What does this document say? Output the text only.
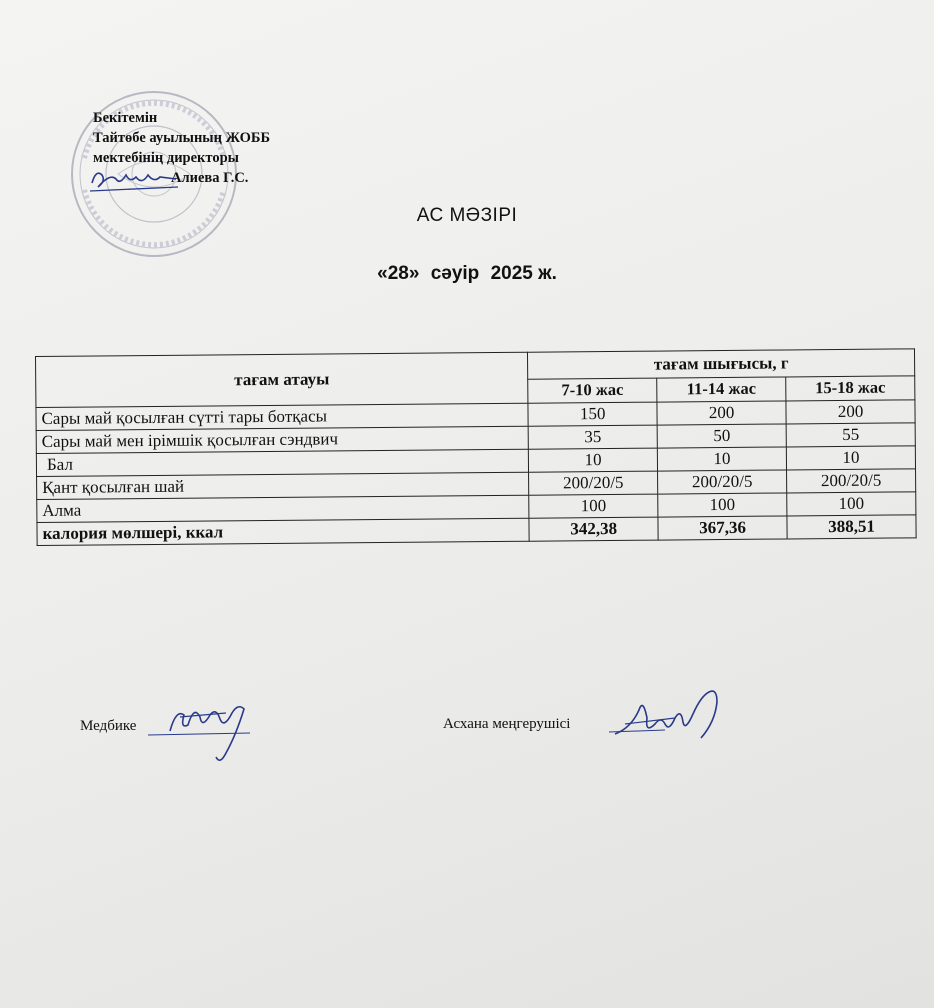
Бекітемін
Тайтөбе ауылының ЖОББ
мектебінің директоры
Алиева Г.С.
АС МӘЗІРІ
«28» сәуір 2025 ж.
тағам атауы	тағам шығысы, г		
	7-10 жас	11-14 жас	15-18 жас
Сары май қосылған сүтті тары ботқасы	150	200	200
Сары май мен ірімшік қосылған сэндвич	35	50	55
Бал	10	10	10
Қант қосылған шай	200/20/5	200/20/5	200/20/5
Алма	100	100	100
калория мөлшері, ккал	342,38	367,36	388,51
Медбике	Асхана меңгерушісі
